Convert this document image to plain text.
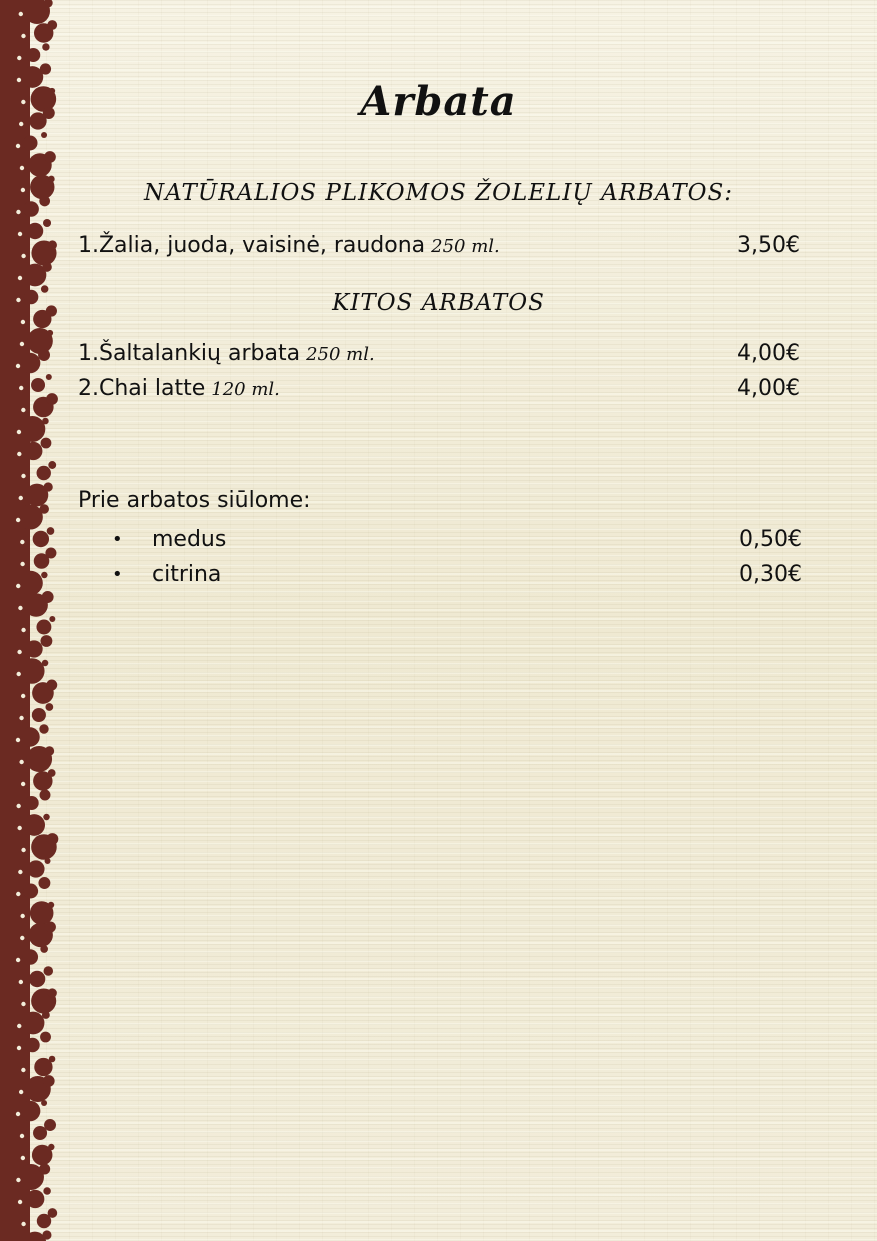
Arbata
NATŪRALIOS PLIKOMOS ŽOLELIŲ ARBATOS:
1.Žalia, juoda, vaisinė, raudona 250 ml.	3,50€
KITOS ARBATOS
1.Šaltalankių arbata 250 ml.	4,00€
2.Chai latte 120 ml.	4,00€
Prie arbatos siūlome:
• medus	0,50€
• citrina	0,30€
